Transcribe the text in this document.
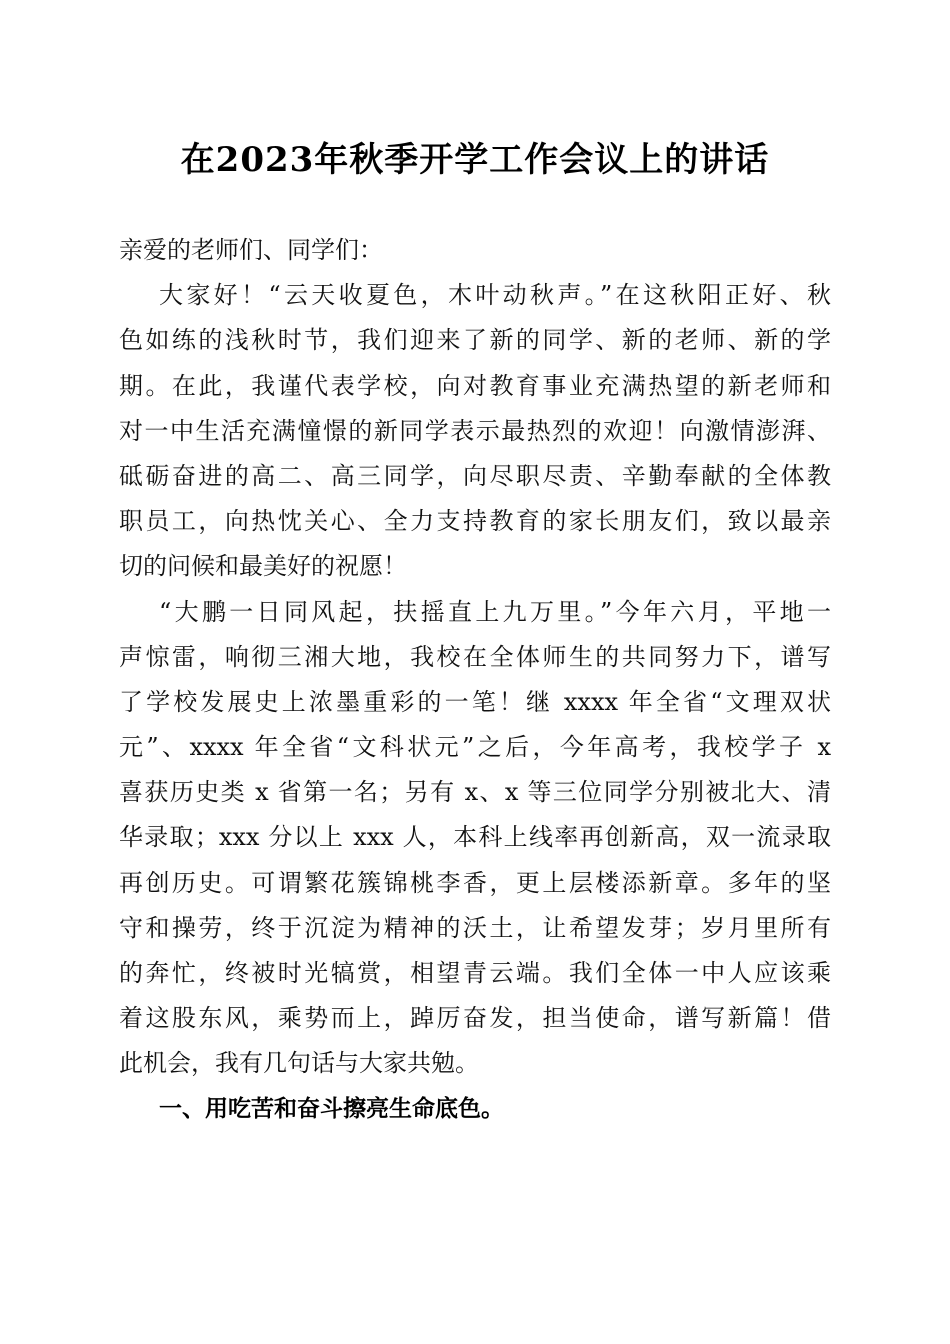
在2023年秋季开学工作会议上的讲话
亲爱的老师们、同学们：
大家好！“云天收夏色，木叶动秋声。”在这秋阳正好、秋
色如练的浅秋时节，我们迎来了新的同学、新的老师、新的学
期。在此，我谨代表学校，向对教育事业充满热望的新老师和
对一中生活充满憧憬的新同学表示最热烈的欢迎！向激情澎湃、
砥砺奋进的高二、高三同学，向尽职尽责、辛勤奉献的全体教
职员工，向热忱关心、全力支持教育的家长朋友们，致以最亲
切的问候和最美好的祝愿！
“大鹏一日同风起，扶摇直上九万里。”今年六月，平地一
声惊雷，响彻三湘大地，我校在全体师生的共同努力下，谱写
了学校发展史上浓墨重彩的一笔！继 xxxx 年全省“文理双状
元”、xxxx 年全省“文科状元”之后，今年高考，我校学子 x
喜获历史类 x 省第一名；另有 x、x 等三位同学分别被北大、清
华录取；xxx 分以上 xxx 人，本科上线率再创新高，双一流录取
再创历史。可谓繁花簇锦桃李香，更上层楼添新章。多年的坚
守和操劳，终于沉淀为精神的沃土，让希望发芽；岁月里所有
的奔忙，终被时光犒赏，相望青云端。我们全体一中人应该乘
着这股东风，乘势而上，踔厉奋发，担当使命，谱写新篇！借
此机会，我有几句话与大家共勉。
一、用吃苦和奋斗擦亮生命底色。
